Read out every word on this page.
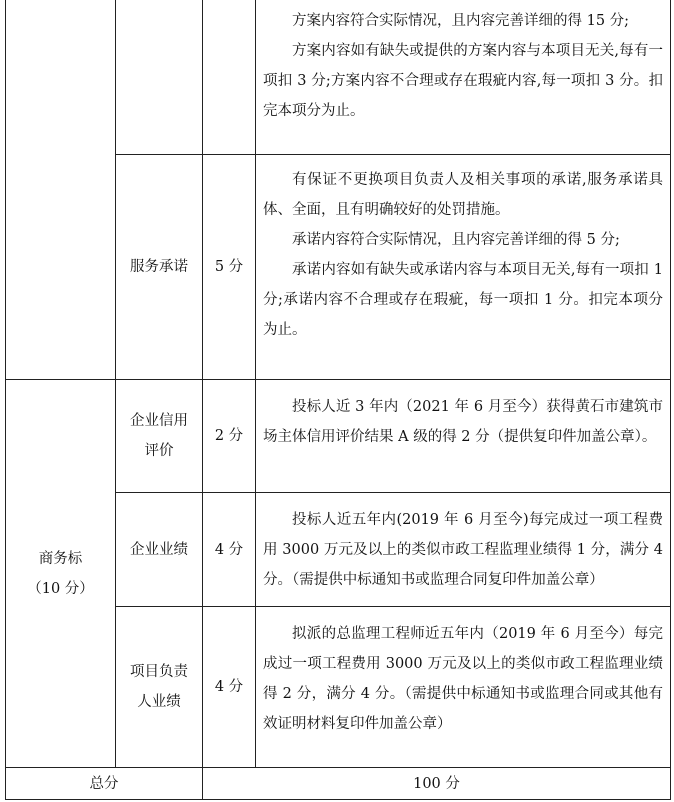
方案内容符合实际情况，且内容完善详细的得 15 分;

方案内容如有缺失或提供的方案内容与本项目无关,每有一项扣 3 分;方案内容不合理或存在瑕疵内容,每一项扣 3 分。扣完本项分为止。

服务承诺 5 分

有保证不更换项目负责人及相关事项的承诺,服务承诺具体、全面，且有明确较好的处罚措施。

承诺内容符合实际情况，且内容完善详细的得 5 分;

承诺内容如有缺失或承诺内容与本项目无关,每有一项扣 1 分;承诺内容不合理或存在瑕疵，每一项扣 1 分。扣完本项分为止。

商务标
（10 分）
企业信用评价
2 分

投标人近 3 年内（2021 年 6 月至今）获得黄石市建筑市场主体信用评价结果 A 级的得 2 分（提供复印件加盖公章）。

企业业绩 4 分

投标人近五年内(2019 年 6 月至今)每完成过一项工程费用 3000 万元及以上的类似市政工程监理业绩得 1 分，满分 4 分。（需提供中标通知书或监理合同复印件加盖公章）

项目负责人业绩
4 分

拟派的总监理工程师近五年内（2019 年 6 月至今）每完成过一项工程费用 3000 万元及以上的类似市政工程监理业绩得 2 分，满分 4 分。（需提供中标通知书或监理合同或其他有效证明材料复印件加盖公章）

总分	100 分
